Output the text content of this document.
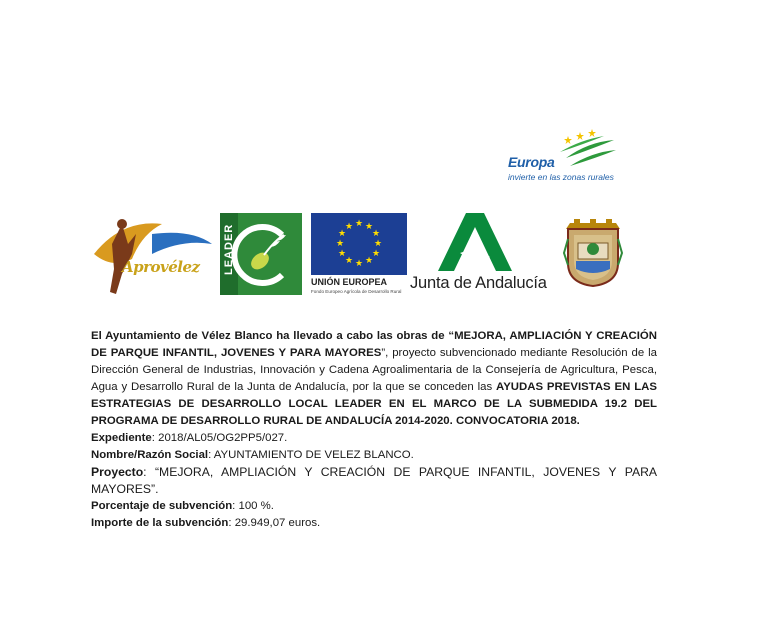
Europa
invierte en las zonas rurales
Aprovélez LEADER	★ ★
★
★
★
★
★
★
★
★
★
★
UNIÓN EUROPEA
Fondo Europeo Agrícola de Desarrollo Rural Junta de Andalucía

El Ayuntamiento de Vélez Blanco ha llevado a cabo las obras de “MEJORA, AMPLIACIÓN Y CREACIÓN DE PARQUE INFANTIL, JOVENES Y PARA MAYORES”, proyecto subvencionado mediante Resolución de la Dirección General de Industrias, Innovación y Cadena Agroalimentaria de la Consejería de Agricultura, Pesca, Agua y Desarrollo Rural de la Junta de Andalucía, por la que se conceden las AYUDAS PREVISTAS EN LAS ESTRATEGIAS DE DESARROLLO LOCAL LEADER EN EL MARCO DE LA SUBMEDIDA 19.2 DEL PROGRAMA DE DESARROLLO RURAL DE ANDALUCÍA 2014-2020. CONVOCATORIA 2018.

Expediente: 2018/AL05/OG2PP5/027.

Nombre/Razón Social: AYUNTAMIENTO DE VELEZ BLANCO.

Proyecto: “MEJORA, AMPLIACIÓN Y CREACIÓN DE PARQUE INFANTIL, JOVENES Y PARA MAYORES”.

Porcentaje de subvención: 100 %.

Importe de la subvención: 29.949,07 euros.
